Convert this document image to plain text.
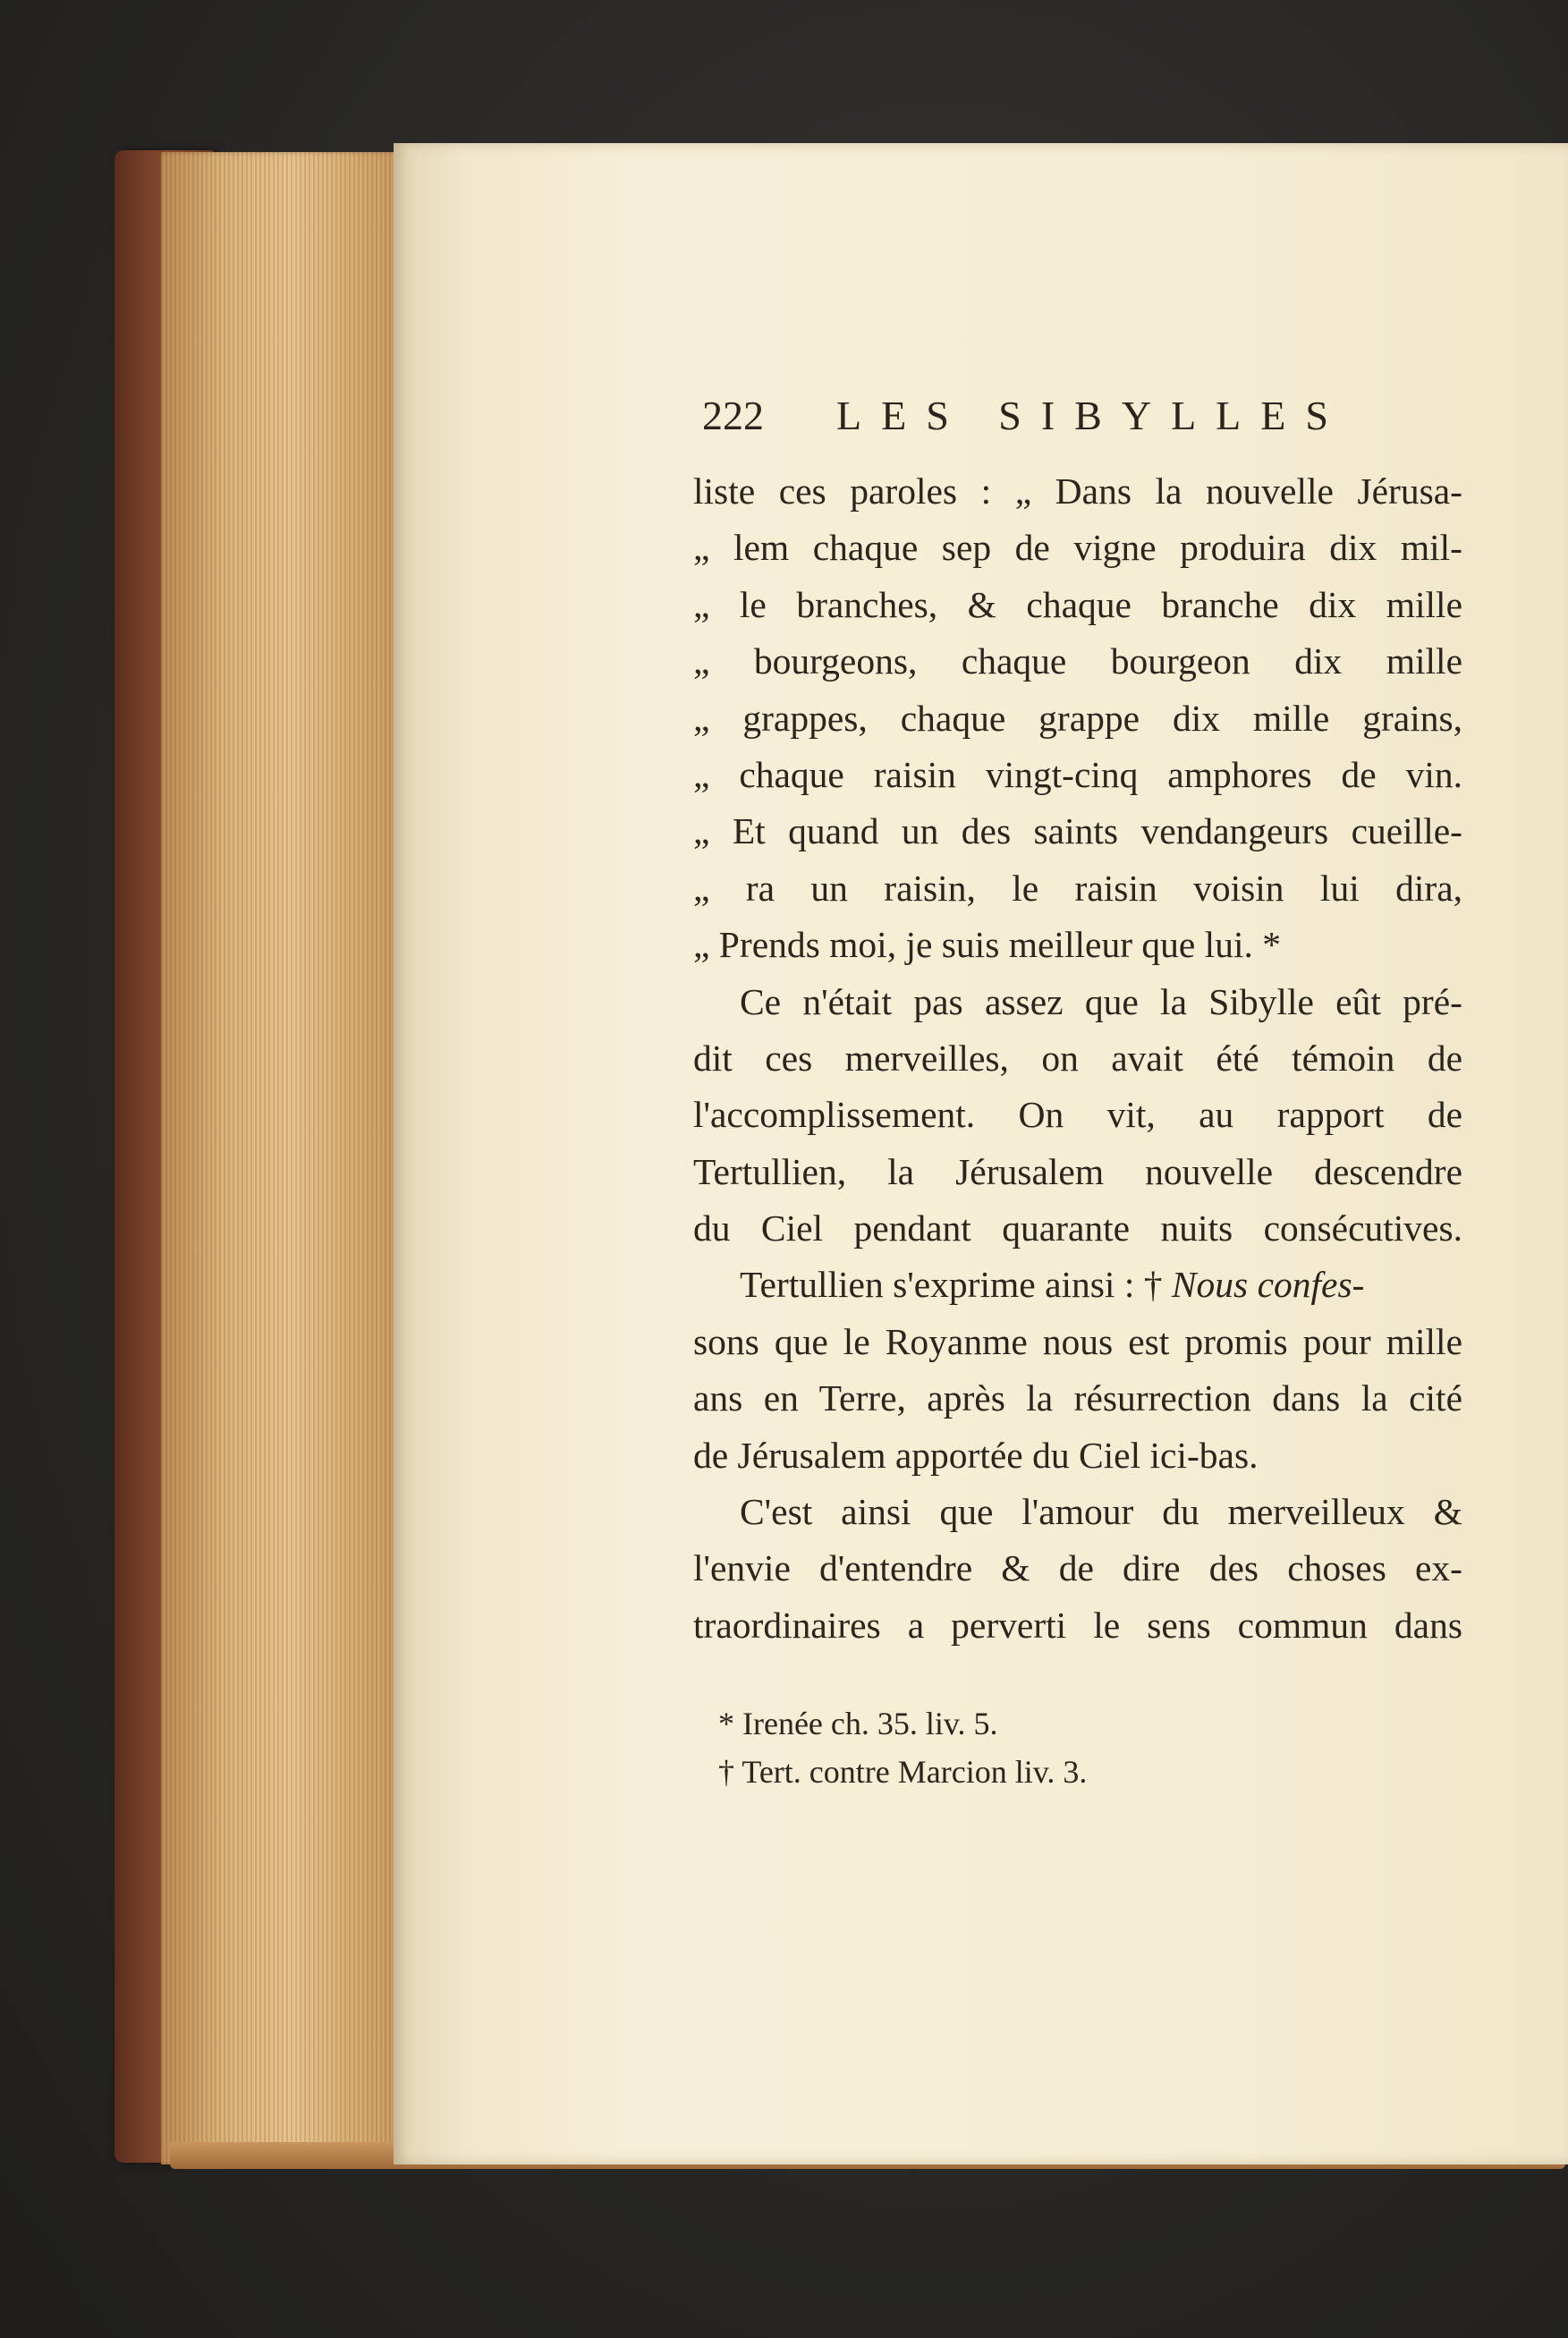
222 LES SIBYLLES
liste ces paroles : „ Dans la nouvelle Jérusa-
„ lem chaque sep de vigne produira dix mil-
„ le branches, & chaque branche dix mille
„ bourgeons, chaque bourgeon dix mille
„ grappes, chaque grappe dix mille grains,
„ chaque raisin vingt-cinq amphores de vin.
„ Et quand un des saints vendangeurs cueille-
„ ra un raisin, le raisin voisin lui dira,
„ Prends moi, je suis meilleur que lui. *
Ce n'était pas assez que la Sibylle eût pré-
dit ces merveilles, on avait été témoin de
l'accomplissement. On vit, au rapport de
Tertullien, la Jérusalem nouvelle descendre
du Ciel pendant quarante nuits consécutives.
Tertullien s'exprime ainsi : † Nous confes-
sons que le Royanme nous est promis pour mille
ans en Terre, après la résurrection dans la cité
de Jérusalem apportée du Ciel ici-bas.
C'est ainsi que l'amour du merveilleux &
l'envie d'entendre & de dire des choses ex-
traordinaires a perverti le sens commun dans
* Irenée ch. 35. liv. 5.
† Tert. contre Marcion liv. 3.
